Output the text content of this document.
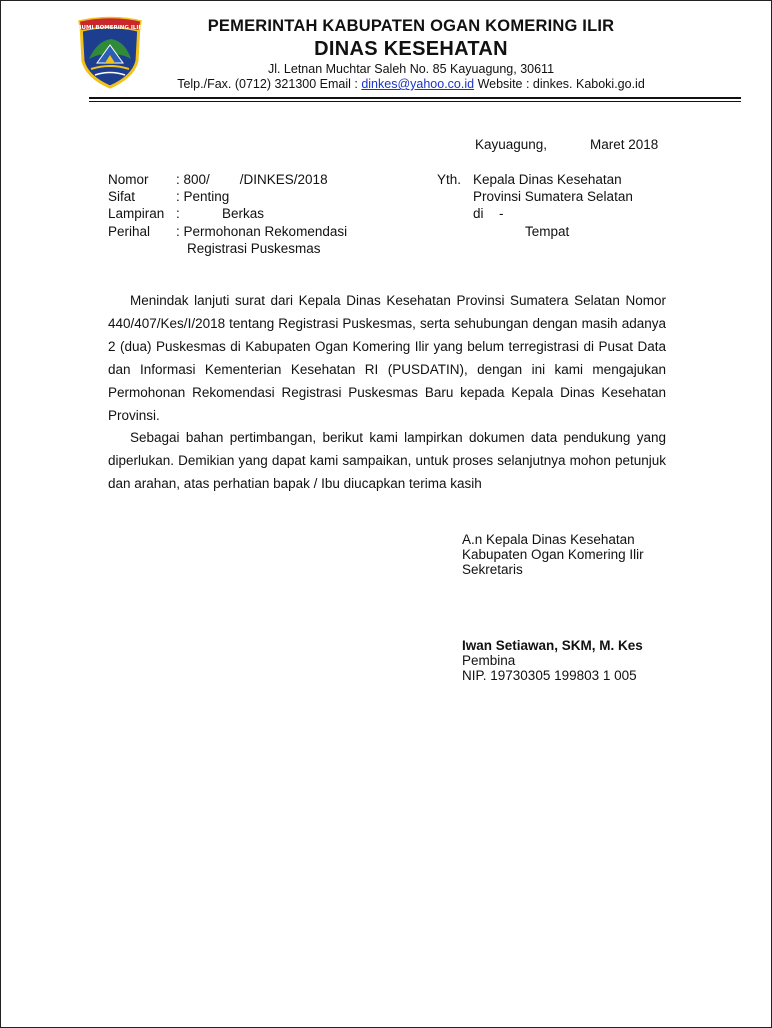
BUMI BOMERING ILIR	PEMERINTAH KABUPATEN OGAN KOMERING ILIR
DINAS KESEHATAN
Jl. Letnan Muchtar Saleh No. 85 Kayuagung, 30611
Telp./Fax. (0712) 321300 Email : dinkes@yahoo.co.id Website : dinkes. Kaboki.go.id
Kayuagung,	Maret 2018
Nomor : 800/        /DINKES/2018
Sifat	: Penting
Lampiran :	Berkas
Perihal : Permohonan Rekomendasi
Registrasi Puskesmas
Yth. Kepala Dinas Kesehatan
Provinsi Sumatera Selatan
di -
Tempat
Menindak lanjuti surat dari Kepala Dinas Kesehatan Provinsi Sumatera Selatan Nomor 440/407/Kes/I/2018 tentang Registrasi Puskesmas, serta sehubungan dengan masih adanya 2 (dua) Puskesmas di Kabupaten Ogan Komering Ilir yang belum terregistrasi di Pusat Data dan Informasi Kementerian Kesehatan RI (PUSDATIN), dengan ini kami mengajukan Permohonan Rekomendasi Registrasi Puskesmas Baru kepada Kepala Dinas Kesehatan Provinsi.
Sebagai bahan pertimbangan, berikut kami lampirkan dokumen data pendukung yang diperlukan. Demikian yang dapat kami sampaikan, untuk proses selanjutnya mohon petunjuk dan arahan, atas perhatian bapak / Ibu diucapkan terima kasih
A.n Kepala Dinas Kesehatan
Kabupaten Ogan Komering Ilir
Sekretaris
Iwan Setiawan, SKM, M. Kes
Pembina
NIP. 19730305 199803 1 005
